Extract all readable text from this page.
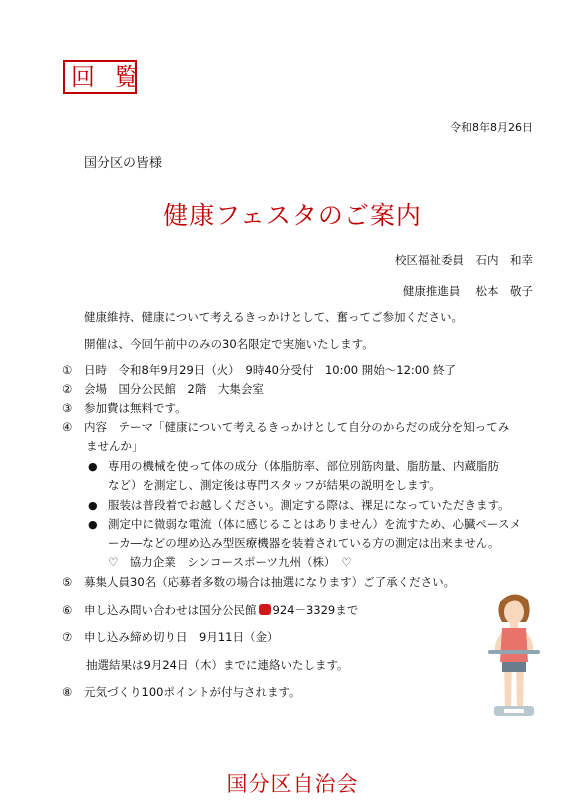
回 覧
令和8年8月26日
国分区の皆様
健康フェスタのご案内
校区福祉委員　石内　和幸
健康推進員　 松本　敬子
健康維持、健康について考えるきっかけとして、奮ってご参加ください。
開催は、今回午前中のみの30名限定で実施いたします。
① 日時　令和8年9月29日（火）　9時40分受付　10:00 開始～12:00 終了
② 会場　国分公民館　2階　大集会室
③ 参加費は無料です。
④ 内容　テーマ「健康について考えるきっかけとして自分のからだの成分を知ってみ
ませんか」
● 専用の機械を使って体の成分（体脂肪率、部位別筋肉量、脂肪量、内蔵脂肪
など）を測定し、測定後は専門スタッフが結果の説明をします。
● 服装は普段着でお越しください。測定する際は、裸足になっていただきます。
● 測定中に微弱な電流（体に感じることはありません）を流すため、心臓ペースメ
ーカ―などの埋め込み型医療機器を装着されている方の測定は出来ません。
♡　協力企業　シンコースポーツ九州（株）　♡
⑤ 募集人員30名（応募者多数の場合は抽選になります）ご了承ください。
⑥ 申し込み問い合わせは国分公民館 924－3329まで
⑦ 申し込み締め切り日　9月11日（金）
抽選結果は9月24日（木）までに連絡いたします。
⑧ 元気づくり100ポイントが付与されます。
国分区自治会
